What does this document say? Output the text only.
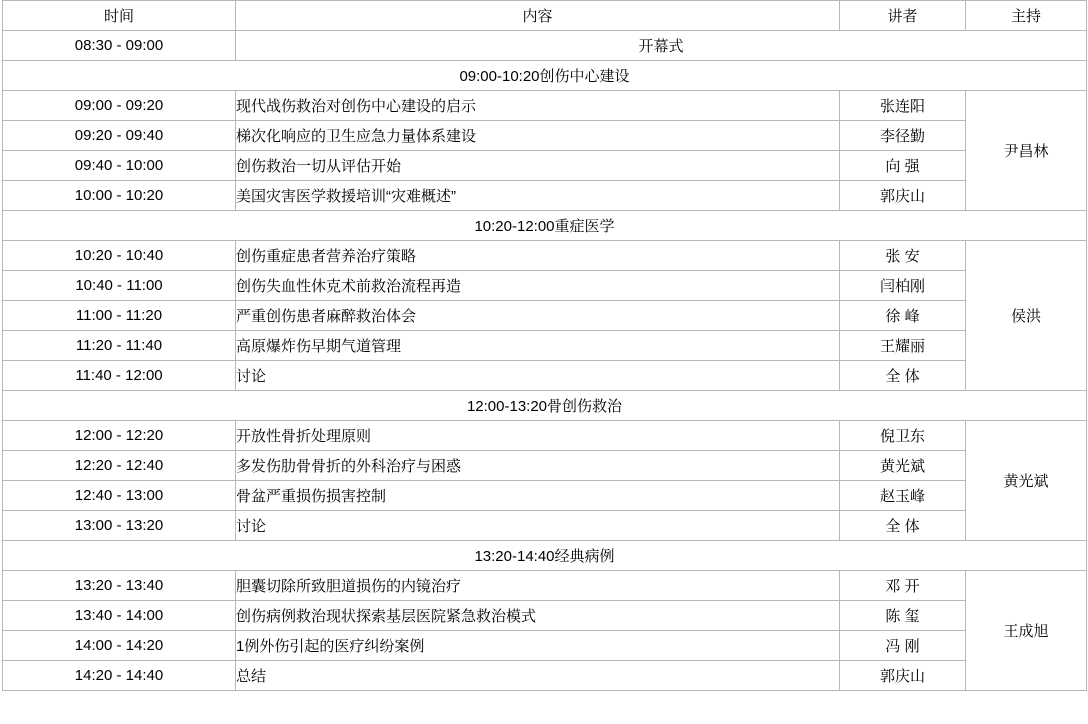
时间	内容	讲者	主持
08:30 - 09:00	开幕式		
09:00-10:20创伤中心建设			
09:00 - 09:20	现代战伤救治对创伤中心建设的启示	张连阳	尹昌林
09:20 - 09:40	梯次化响应的卫生应急力量体系建设	李径勤	
09:40 - 10:00	创伤救治一切从评估开始	向 强	
10:00 - 10:20	美国灾害医学救援培训“灾难概述”	郭庆山	
10:20-12:00重症医学			
10:20 - 10:40	创伤重症患者营养治疗策略	张 安	侯洪
10:40 - 11:00	创伤失血性休克术前救治流程再造	闫柏刚	
11:00 - 11:20	严重创伤患者麻醉救治体会	徐 峰	
11:20 - 11:40	高原爆炸伤早期气道管理	王耀丽	
11:40 - 12:00	讨论	全 体	
12:00-13:20骨创伤救治			
12:00 - 12:20	开放性骨折处理原则	倪卫东	黄光斌
12:20 - 12:40	多发伤肋骨骨折的外科治疗与困惑	黄光斌	
12:40 - 13:00	骨盆严重损伤损害控制	赵玉峰	
13:00 - 13:20	讨论	全 体	
13:20-14:40经典病例			
13:20 - 13:40	胆囊切除所致胆道损伤的内镜治疗	邓 开	王成旭
13:40 - 14:00	创伤病例救治现状探索基层医院紧急救治模式	陈 玺	
14:00 - 14:20	1例外伤引起的医疗纠纷案例	冯 刚	
14:20 - 14:40	总结	郭庆山	
